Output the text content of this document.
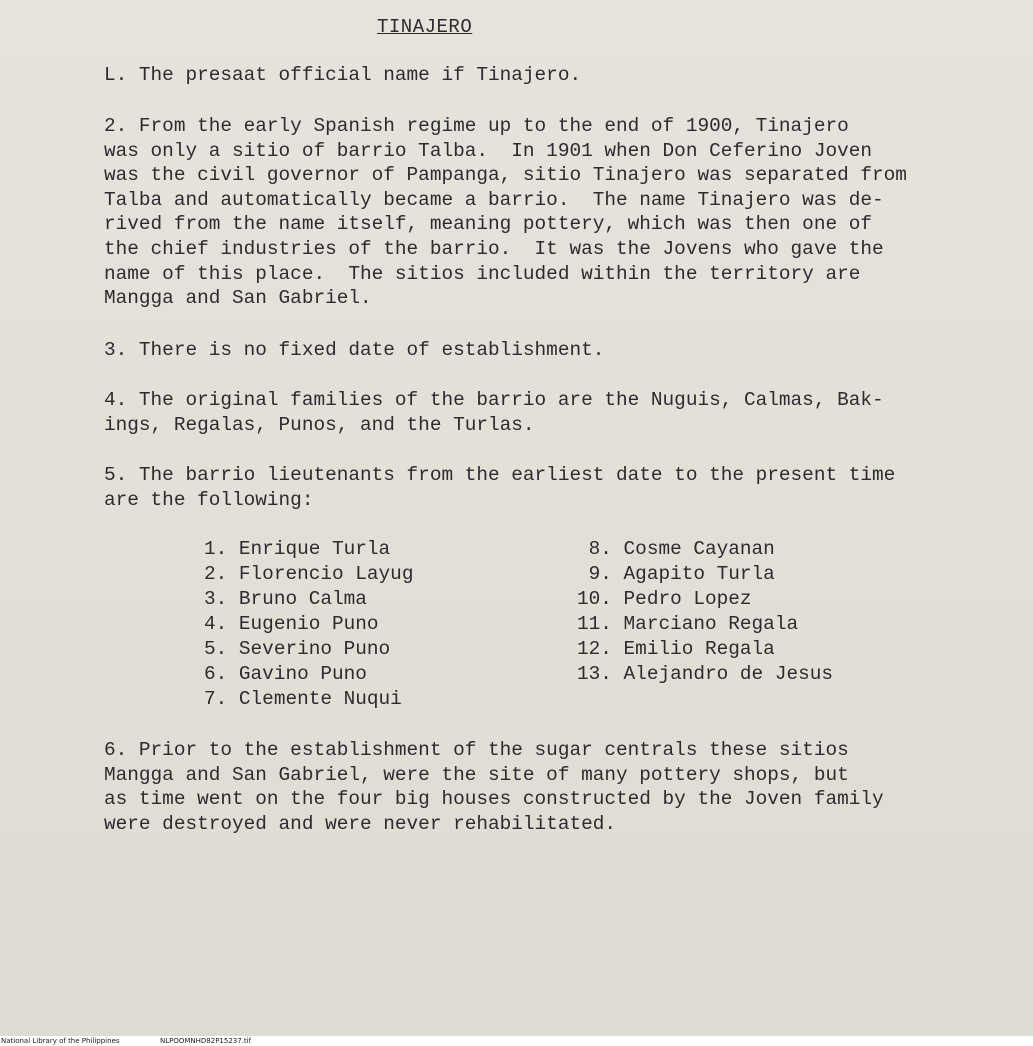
TINAJERO
L. The presaat official name if Tinajero.
2. From the early Spanish regime up to the end of 1900, Tinajero
was only a sitio of barrio Talba.  In 1901 when Don Ceferino Joven
was the civil governor of Pampanga, sitio Tinajero was separated from
Talba and automatically became a barrio.  The name Tinajero was de-
rived from the name itself, meaning pottery, which was then one of
the chief industries of the barrio.  It was the Jovens who gave the
name of this place.  The sitios included within the territory are
Mangga and San Gabriel.
3. There is no fixed date of establishment.
4. The original families of the barrio are the Nuguis, Calmas, Bak-
ings, Regalas, Punos, and the Turlas.
5. The barrio lieutenants from the earliest date to the present time
are the following:
1. Enrique Turla
2. Florencio Layug
3. Bruno Calma
4. Eugenio Puno
5. Severino Puno
6. Gavino Puno
7. Clemente Nuqui
8. Cosme Cayanan
9. Agapito Turla
10. Pedro Lopez
11. Marciano Regala
12. Emilio Regala
13. Alejandro de Jesus
6. Prior to the establishment of the sugar centrals these sitios
Mangga and San Gabriel, were the site of many pottery shops, but
as time went on the four big houses constructed by the Joven family
were destroyed and were never rehabilitated.
National Library of the Philippines	NLPOOMNHD82P15237.tif
